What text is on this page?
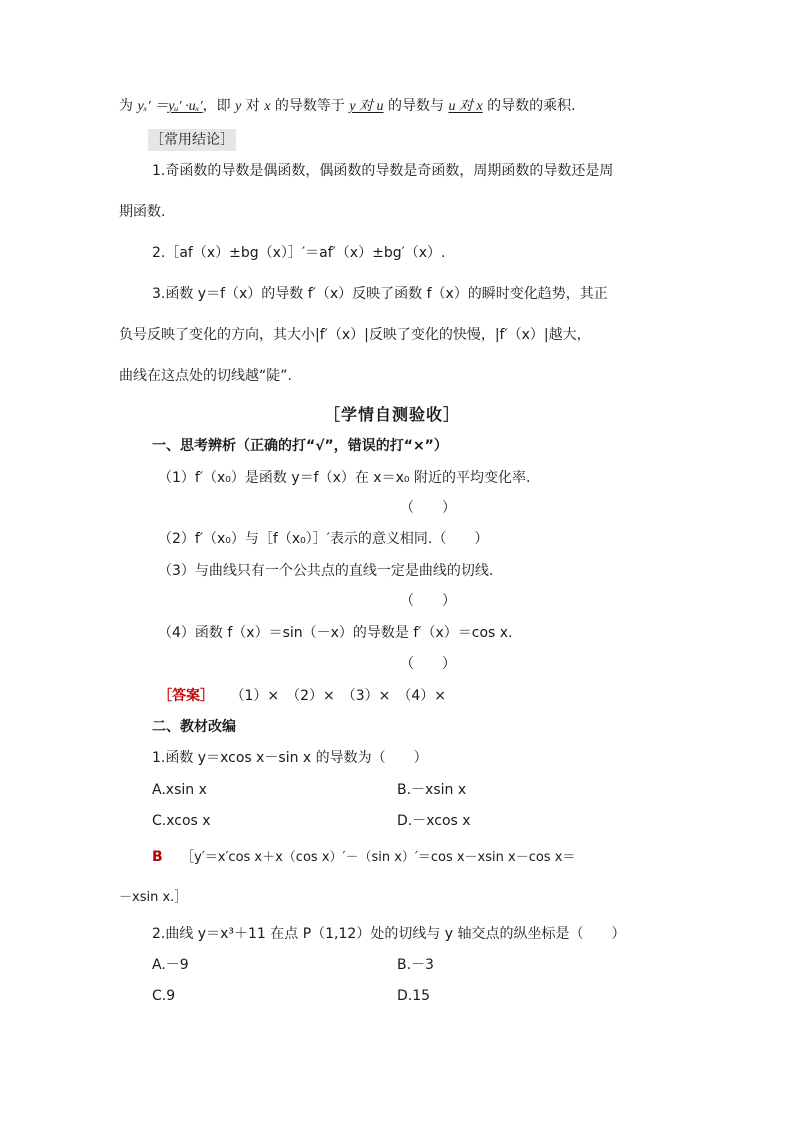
为 yₓ′ ＝yᵤ′ ·uₓ′，即 y 对 x 的导数等于 y 对 u 的导数与 u 对 x 的导数的乘积.
［常用结论］
1.奇函数的导数是偶函数，偶函数的导数是奇函数，周期函数的导数还是周
期函数.
2.［af（x）±bg（x）］′＝af′（x）±bg′（x）.
3.函数 y＝f（x）的导数 f′（x）反映了函数 f（x）的瞬时变化趋势，其正
负号反映了变化的方向，其大小|f′（x）|反映了变化的快慢，|f′（x）|越大，
曲线在这点处的切线越“陡”.
［学情自测验收］
一、思考辨析（正确的打“√”，错误的打“×”）
（1）f′（x₀）是函数 y＝f（x）在 x＝x₀ 附近的平均变化率.
（　　）
（2）f′（x₀）与［f（x₀）］′表示的意义相同.（　　）
（3）与曲线只有一个公共点的直线一定是曲线的切线.
（　　）
（4）函数 f（x）＝sin（－x）的导数是 f′（x）＝cos x.
（　　）
［答案］ （1）×　（2）×　（3）×　（4）×
二、教材改编
1.函数 y＝xcos x－sin x 的导数为（　　）
A.xsin x	B.－xsin x
C.xcos x	D.－xcos x
B ［y′＝x′cos x＋x（cos x）′－（sin x）′＝cos x－xsin x－cos x＝
－xsin x.］
2.曲线 y＝x³＋11 在点 P（1,12）处的切线与 y 轴交点的纵坐标是（　　）
A.－9	B.－3
C.9	D.15
